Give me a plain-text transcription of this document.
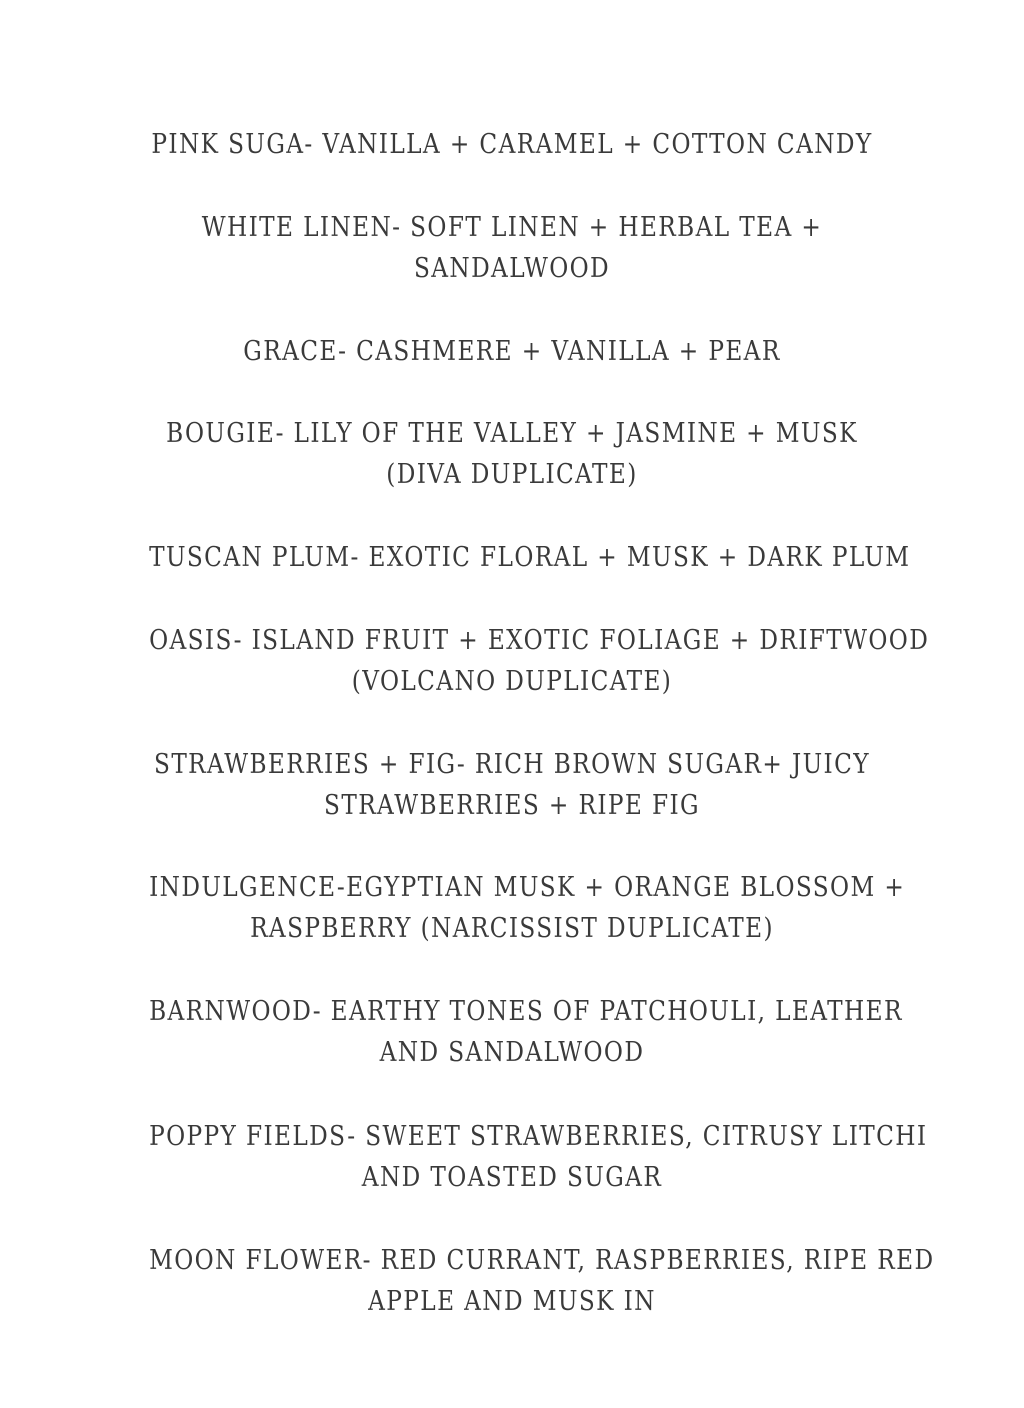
PINK SUGA- VANILLA + CARAMEL + COTTON CANDY

WHITE LINEN- SOFT LINEN + HERBAL TEA +
SANDALWOOD

GRACE- CASHMERE + VANILLA + PEAR

BOUGIE- LILY OF THE VALLEY + JASMINE + MUSK
(DIVA DUPLICATE)

TUSCAN PLUM- EXOTIC FLORAL + MUSK + DARK PLUM

OASIS- ISLAND FRUIT + EXOTIC FOLIAGE + DRIFTWOOD
(VOLCANO DUPLICATE)

STRAWBERRIES + FIG- RICH BROWN SUGAR+ JUICY
STRAWBERRIES + RIPE FIG

INDULGENCE-EGYPTIAN MUSK + ORANGE BLOSSOM +
RASPBERRY (NARCISSIST DUPLICATE)

BARNWOOD- EARTHY TONES OF PATCHOULI, LEATHER
AND SANDALWOOD

POPPY FIELDS- SWEET STRAWBERRIES, CITRUSY LITCHI
AND TOASTED SUGAR

MOON FLOWER- RED CURRANT, RASPBERRIES, RIPE RED
APPLE AND MUSK IN
